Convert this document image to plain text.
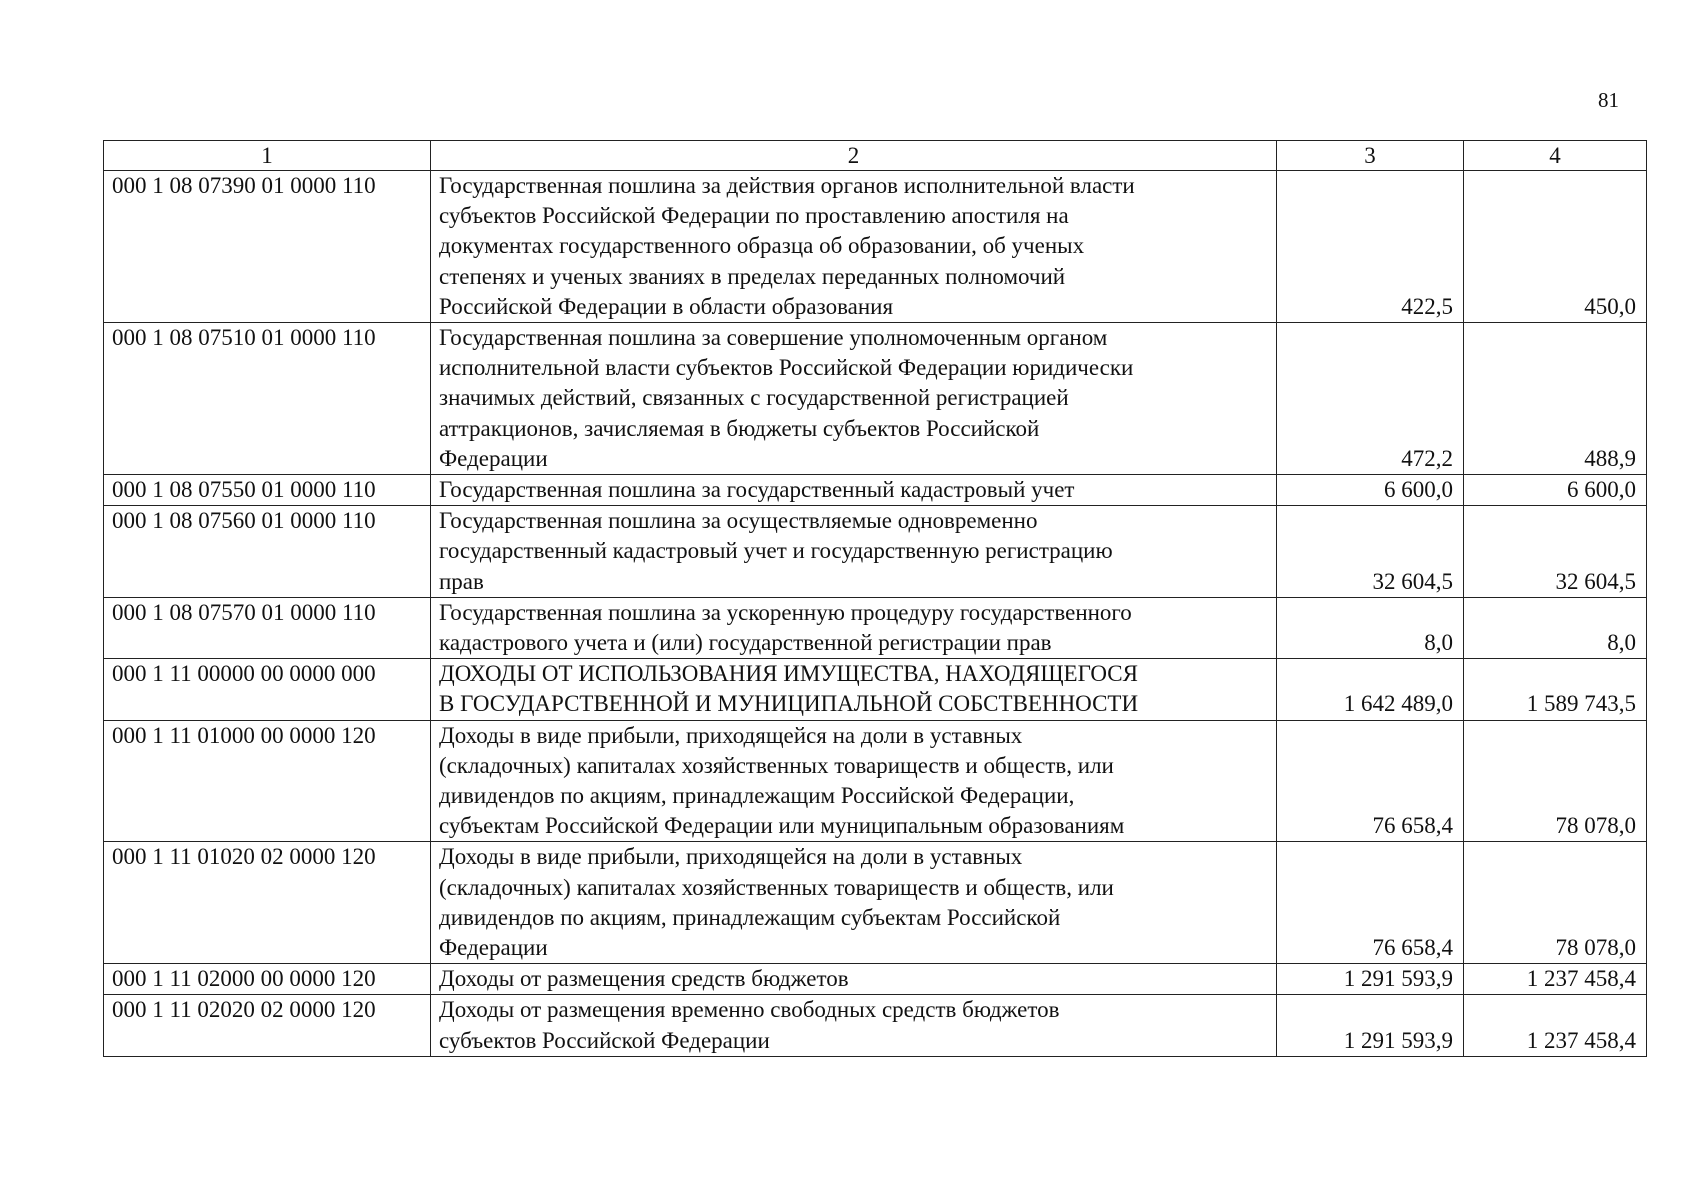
81
1	2	3	4
000 1 08 07390 01 0000 110	Государственная пошлина за действия органов исполнительной власти
субъектов Российской Федерации по проставлению апостиля на
документах государственного образца об образовании, об ученых
степенях и ученых званиях в пределах переданных полномочий
Российской Федерации в области образования	422,5	450,0
000 1 08 07510 01 0000 110	Государственная пошлина за совершение уполномоченным органом
исполнительной власти субъектов Российской Федерации юридически
значимых действий, связанных с государственной регистрацией
аттракционов, зачисляемая в бюджеты субъектов Российской
Федерации	472,2	488,9
000 1 08 07550 01 0000 110	Государственная пошлина за государственный кадастровый учет	6 600,0	6 600,0
000 1 08 07560 01 0000 110	Государственная пошлина за осуществляемые одновременно
государственный кадастровый учет и государственную регистрацию
прав	32 604,5	32 604,5
000 1 08 07570 01 0000 110	Государственная пошлина за ускоренную процедуру государственного
кадастрового учета и (или) государственной регистрации прав	8,0	8,0
000 1 11 00000 00 0000 000	ДОХОДЫ ОТ ИСПОЛЬЗОВАНИЯ ИМУЩЕСТВА, НАХОДЯЩЕГОСЯ
В ГОСУДАРСТВЕННОЙ И МУНИЦИПАЛЬНОЙ СОБСТВЕННОСТИ	1 642 489,0	1 589 743,5
000 1 11 01000 00 0000 120	Доходы в виде прибыли, приходящейся на доли в уставных
(складочных) капиталах хозяйственных товариществ и обществ, или
дивидендов по акциям, принадлежащим Российской Федерации,
субъектам Российской Федерации или муниципальным образованиям	76 658,4	78 078,0
000 1 11 01020 02 0000 120	Доходы в виде прибыли, приходящейся на доли в уставных
(складочных) капиталах хозяйственных товариществ и обществ, или
дивидендов по акциям, принадлежащим субъектам Российской
Федерации	76 658,4	78 078,0
000 1 11 02000 00 0000 120	Доходы от размещения средств бюджетов	1 291 593,9	1 237 458,4
000 1 11 02020 02 0000 120	Доходы от размещения временно свободных средств бюджетов
субъектов Российской Федерации	1 291 593,9	1 237 458,4
